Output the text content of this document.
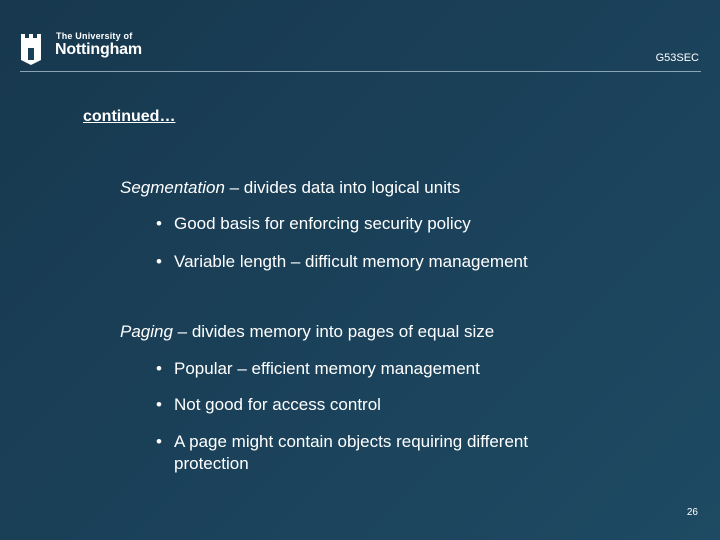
The University of
Nottingham	G53SEC
continued…
Segmentation – divides data into logical units
• Good basis for enforcing security policy
• Variable length – difficult memory management
Paging – divides memory into pages of equal size
• Popular – efficient memory management
• Not good for access control
• A page might contain objects requiring different protection
26
